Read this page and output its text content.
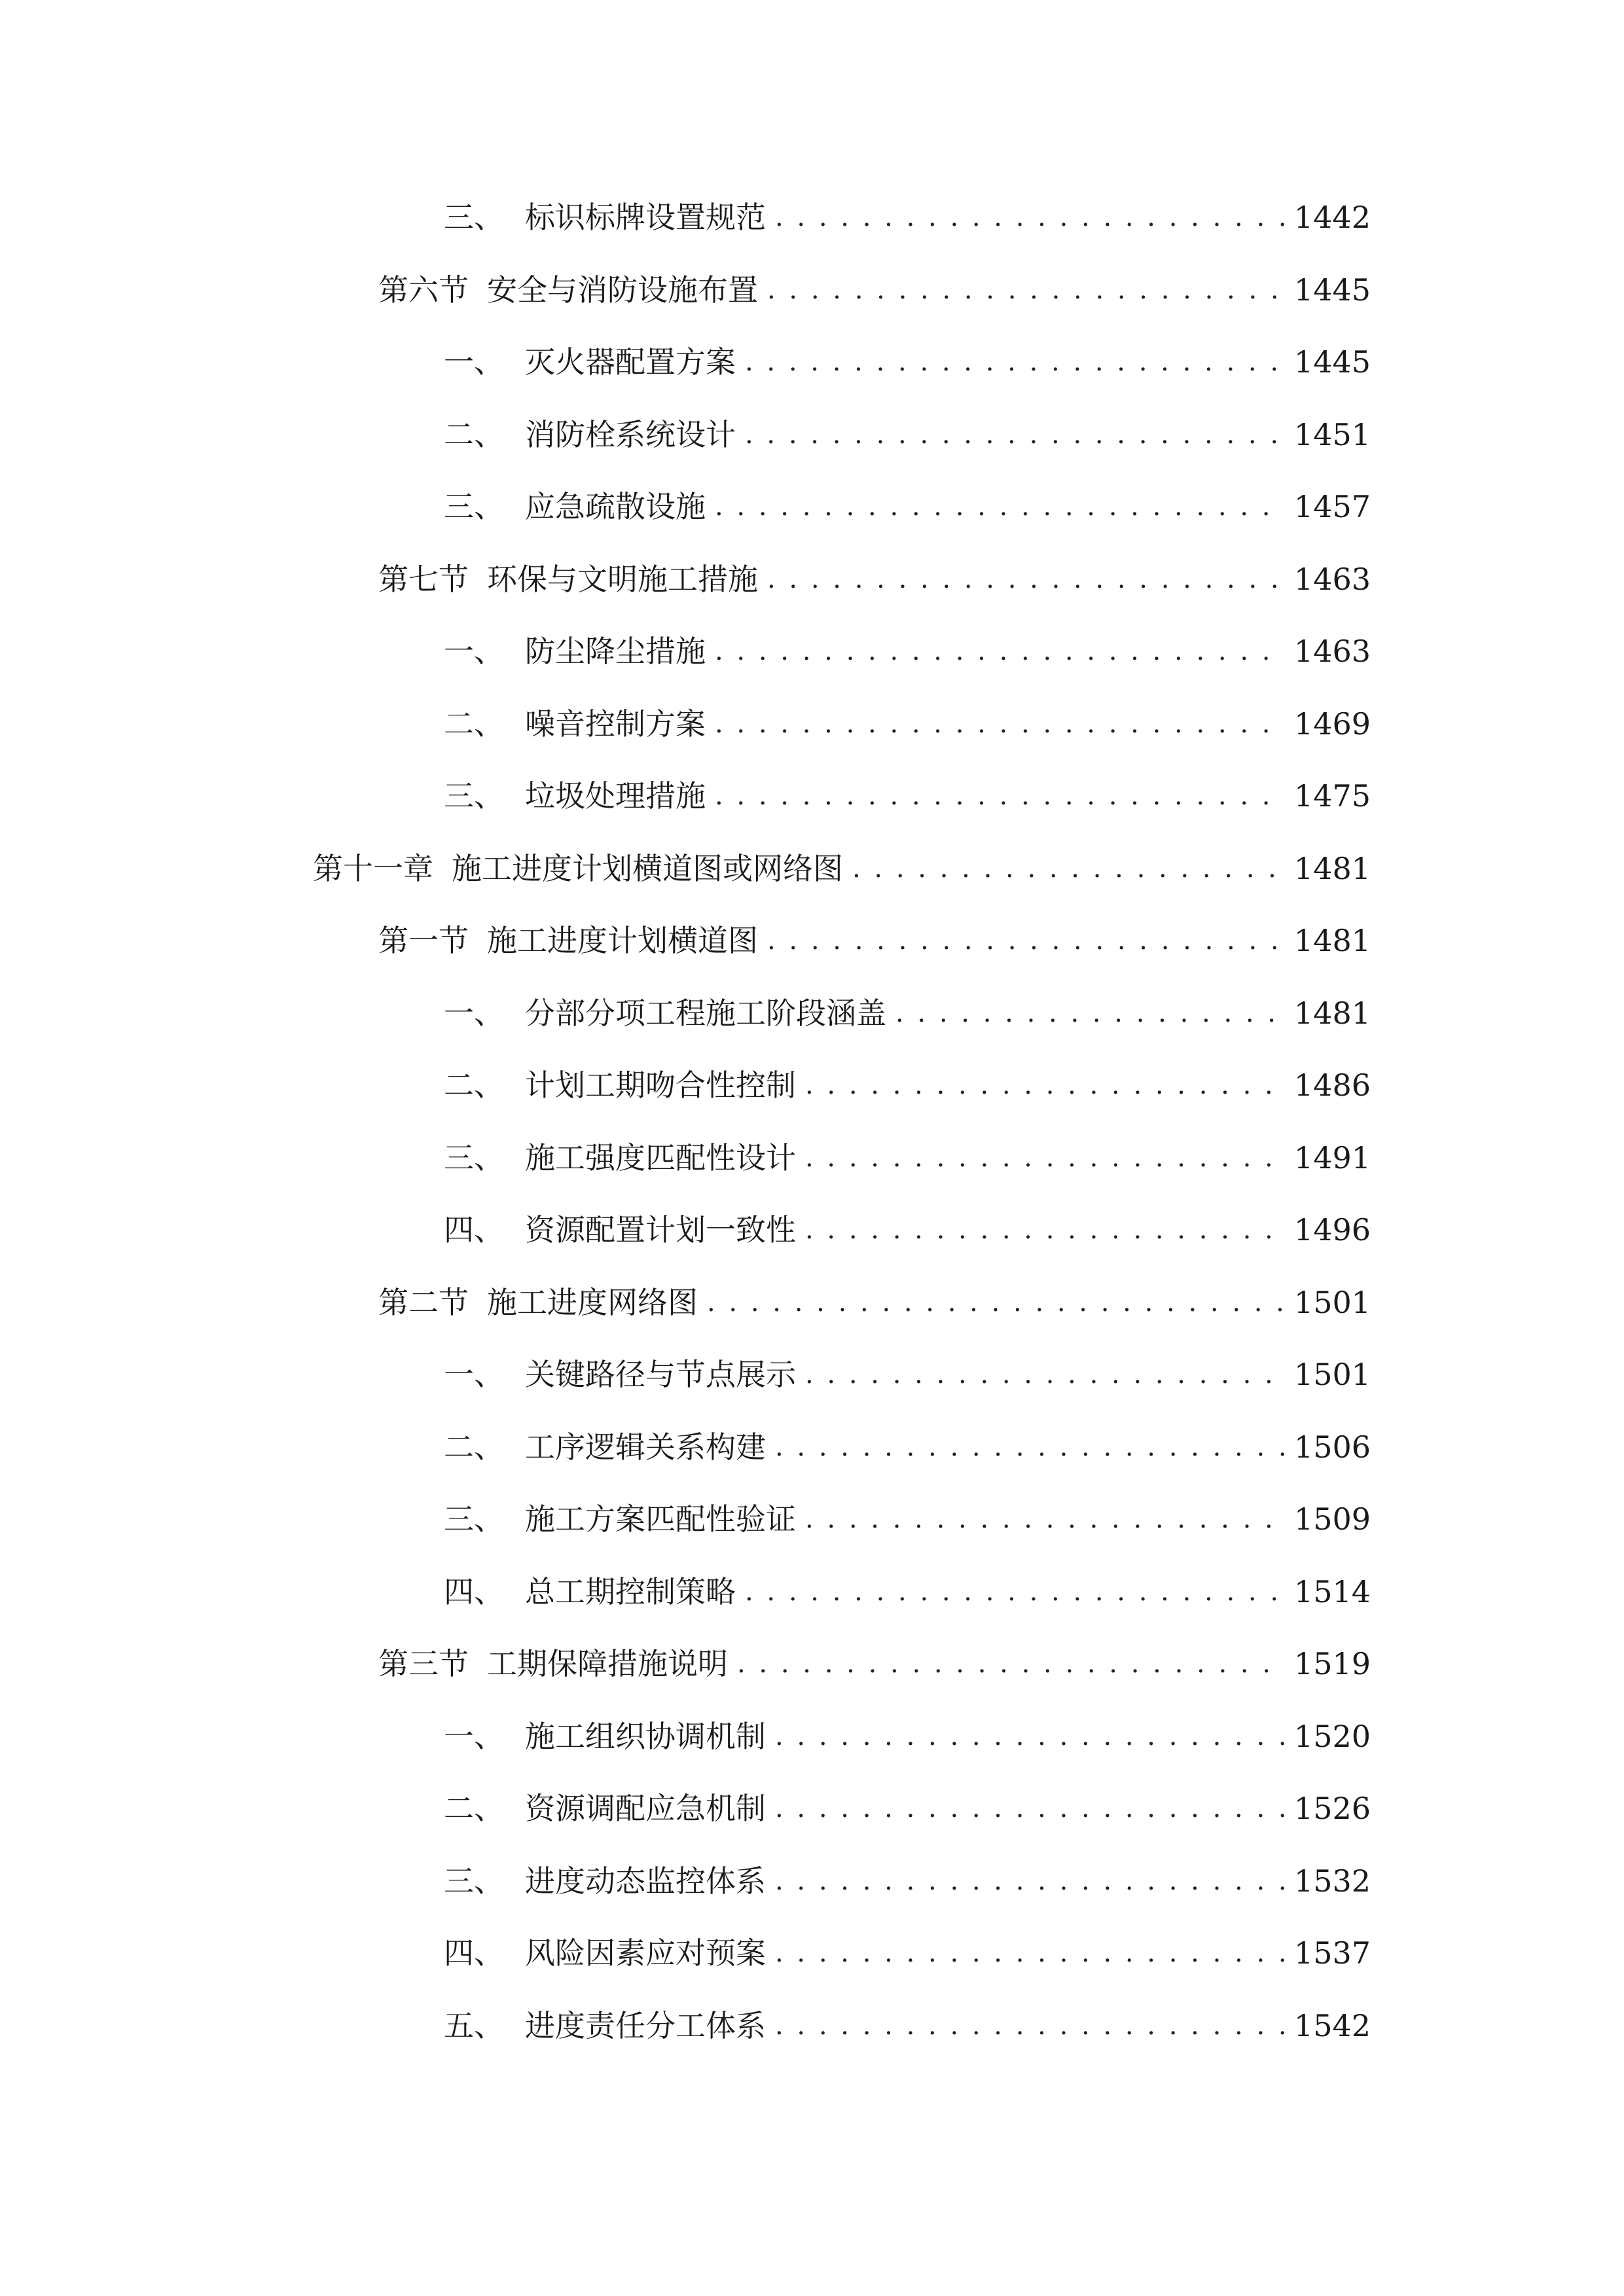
三、 标识标牌设置规范 . . .	1442
第六节 安全与消防设施布置 . . .	1445
一、 灭火器配置方案 . . .	1445
二、 消防栓系统设计 . . .	1451
三、 应急疏散设施 . . .	1457
第七节 环保与文明施工措施 . . .	1463
一、 防尘降尘措施 . . .	1463
二、 噪音控制方案 . . .	1469
三、 垃圾处理措施 . . .	1475
第十一章 施工进度计划横道图或网络图 . . .	1481
第一节 施工进度计划横道图 . . .	1481
一、 分部分项工程施工阶段涵盖 . . .	1481
二、 计划工期吻合性控制 . . .	1486
三、 施工强度匹配性设计 . . .	1491
四、 资源配置计划一致性 . . .	1496
第二节 施工进度网络图 . . .	1501
一、 关键路径与节点展示 . . .	1501
二、 工序逻辑关系构建 . . .	1506
三、 施工方案匹配性验证 . . .	1509
四、 总工期控制策略 . . .	1514
第三节 工期保障措施说明 . . .	1519
一、 施工组织协调机制 . . .	1520
二、 资源调配应急机制 . . .	1526
三、 进度动态监控体系 . . .	1532
四、 风险因素应对预案 . . .	1537
五、 进度责任分工体系 . . .	1542
